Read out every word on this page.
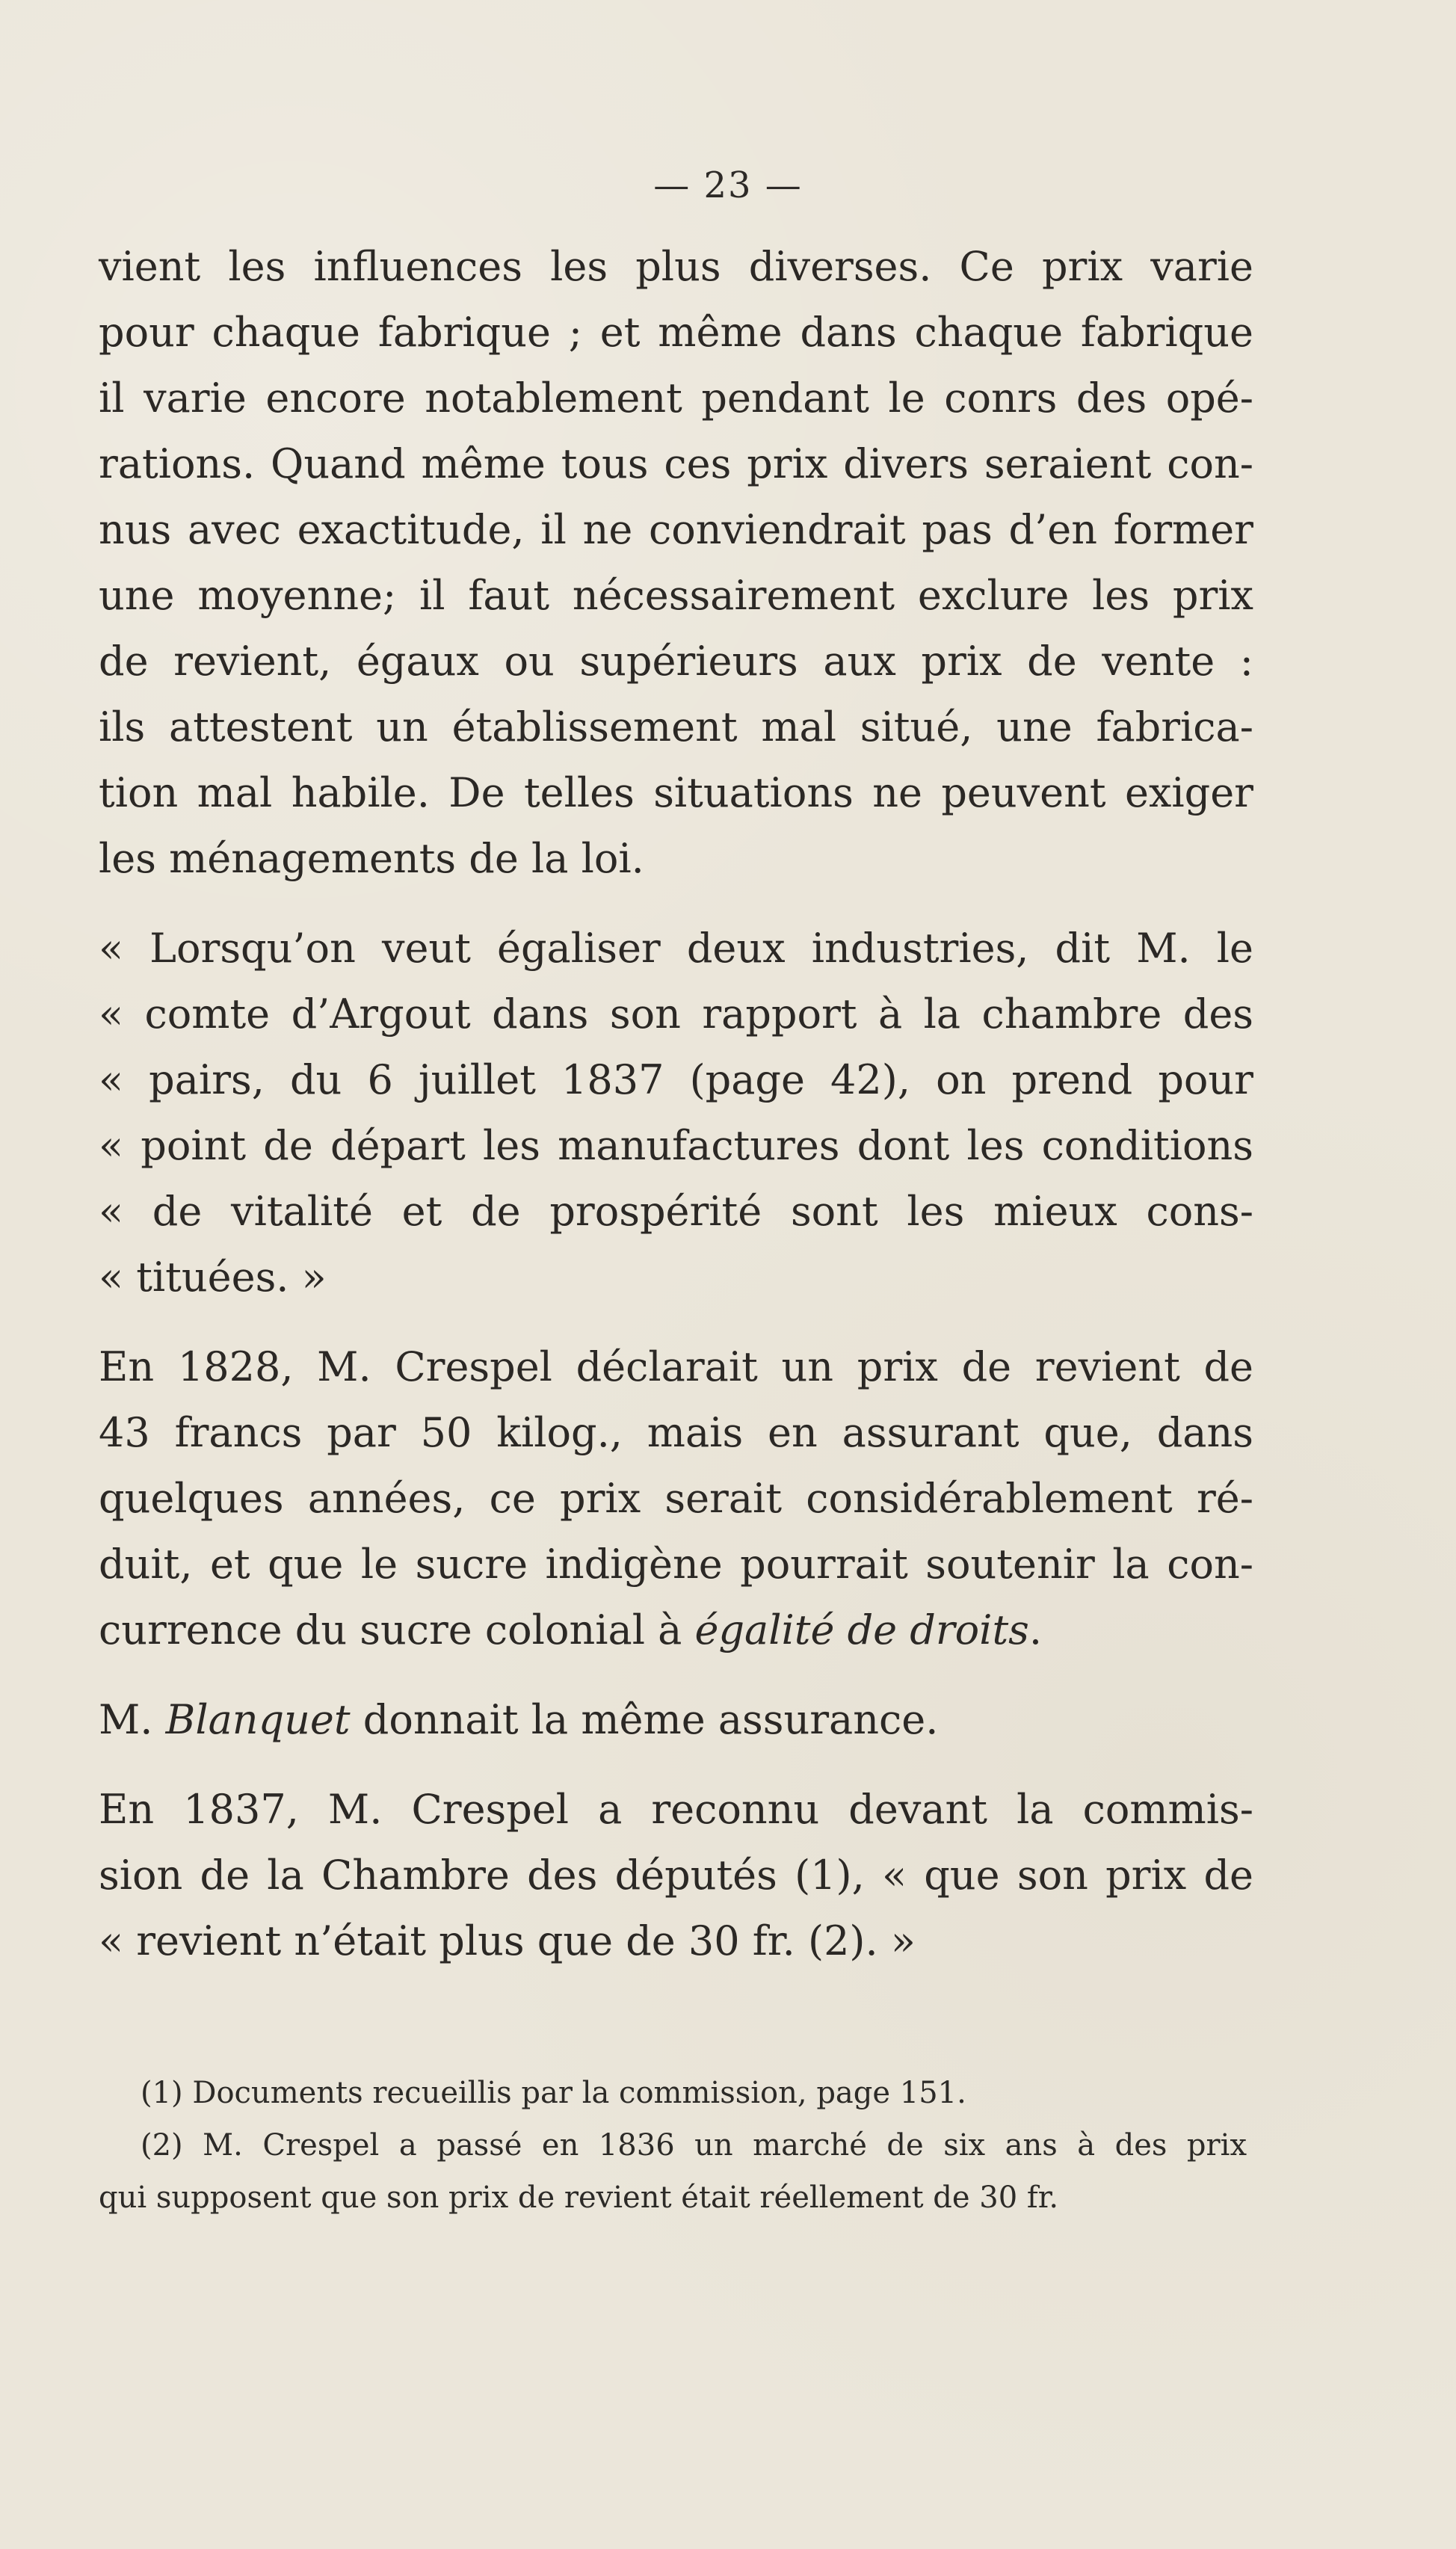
— 23 —
vient les influences les plus diverses. Ce prix varie
pour chaque fabrique ; et même dans chaque fabrique
il varie encore notablement pendant le conrs des opé-
rations. Quand même tous ces prix divers seraient con-
nus avec exactitude, il ne conviendrait pas d’en former
une moyenne; il faut nécessairement exclure les prix
de revient, égaux ou supérieurs aux prix de vente :
ils attestent un établissement mal situé, une fabrica-
tion mal habile. De telles situations ne peuvent exiger
les ménagements de la loi.
« Lorsqu’on veut égaliser deux industries, dit M. le
« comte d’Argout dans son rapport à la chambre des
« pairs, du 6 juillet 1837 (page 42), on prend pour
« point de départ les manufactures dont les conditions
« de vitalité et de prospérité sont les mieux cons-
« tituées. »
En 1828, M. Crespel déclarait un prix de revient de
43 francs par 50 kilog., mais en assurant que, dans
quelques années, ce prix serait considérablement ré-
duit, et que le sucre indigène pourrait soutenir la con-
currence du sucre colonial à égalité de droits.
M. Blanquet donnait la même assurance.
En 1837, M. Crespel a reconnu devant la commis-
sion de la Chambre des députés (1), « que son prix de
« revient n’était plus que de 30 fr. (2). »
(1) Documents recueillis par la commission, page 151.
(2) M. Crespel a passé en 1836 un marché de six ans à des prix
qui supposent que son prix de revient était réellement de 30 fr.
